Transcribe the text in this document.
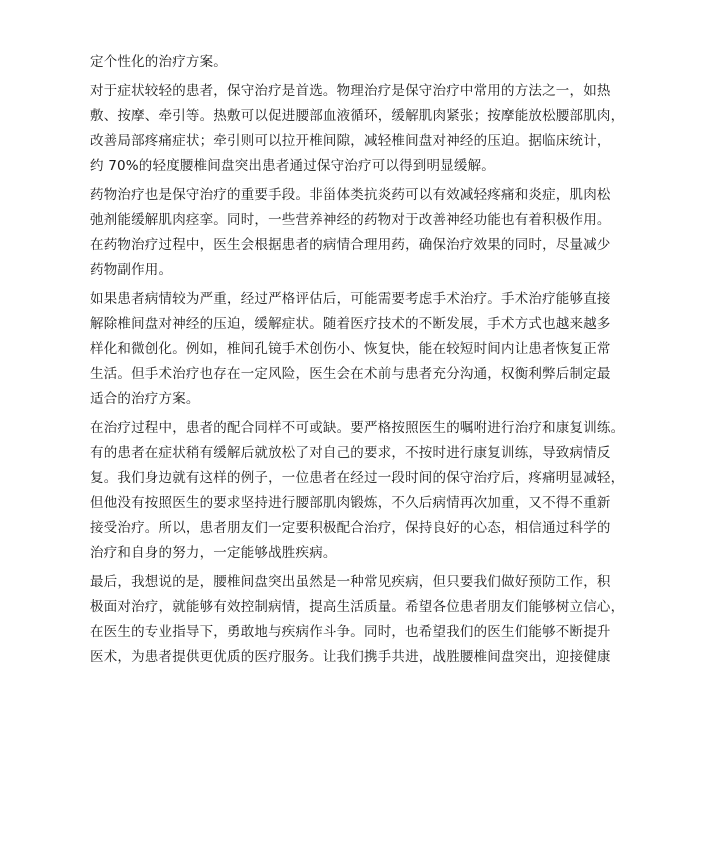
定个性化的治疗方案。
对于症状较轻的患者，保守治疗是首选。物理治疗是保守治疗中常用的方法之一，如热
敷、按摩、牵引等。热敷可以促进腰部血液循环，缓解肌肉紧张；按摩能放松腰部肌肉，
改善局部疼痛症状；牵引则可以拉开椎间隙，减轻椎间盘对神经的压迫。据临床统计，
约 70%的轻度腰椎间盘突出患者通过保守治疗可以得到明显缓解。
药物治疗也是保守治疗的重要手段。非甾体类抗炎药可以有效减轻疼痛和炎症，肌肉松
弛剂能缓解肌肉痉挛。同时，一些营养神经的药物对于改善神经功能也有着积极作用。
在药物治疗过程中，医生会根据患者的病情合理用药，确保治疗效果的同时，尽量减少
药物副作用。
如果患者病情较为严重，经过严格评估后，可能需要考虑手术治疗。手术治疗能够直接
解除椎间盘对神经的压迫，缓解症状。随着医疗技术的不断发展，手术方式也越来越多
样化和微创化。例如，椎间孔镜手术创伤小、恢复快，能在较短时间内让患者恢复正常
生活。但手术治疗也存在一定风险，医生会在术前与患者充分沟通，权衡利弊后制定最
适合的治疗方案。
在治疗过程中，患者的配合同样不可或缺。要严格按照医生的嘱咐进行治疗和康复训练。
有的患者在症状稍有缓解后就放松了对自己的要求，不按时进行康复训练，导致病情反
复。我们身边就有这样的例子，一位患者在经过一段时间的保守治疗后，疼痛明显减轻，
但他没有按照医生的要求坚持进行腰部肌肉锻炼，不久后病情再次加重，又不得不重新
接受治疗。所以，患者朋友们一定要积极配合治疗，保持良好的心态，相信通过科学的
治疗和自身的努力，一定能够战胜疾病。
最后，我想说的是，腰椎间盘突出虽然是一种常见疾病，但只要我们做好预防工作，积
极面对治疗，就能够有效控制病情，提高生活质量。希望各位患者朋友们能够树立信心，
在医生的专业指导下，勇敢地与疾病作斗争。同时，也希望我们的医生们能够不断提升
医术，为患者提供更优质的医疗服务。让我们携手共进，战胜腰椎间盘突出，迎接健康
